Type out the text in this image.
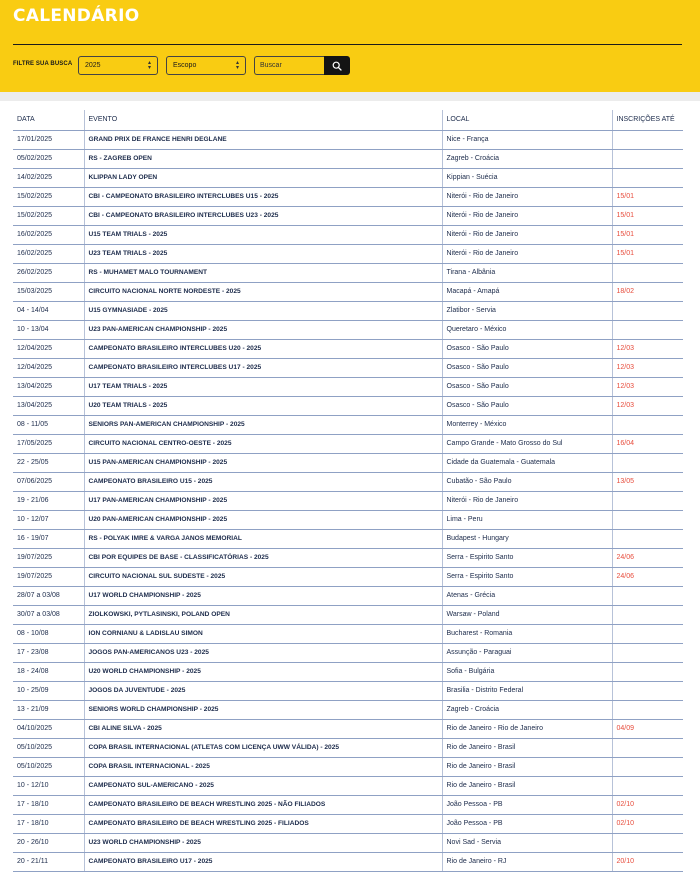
CALENDÁRIO
FILTRE SUA BUSCA	2025	▴
▾	Escopo	▴
▾
Buscar
DATA	EVENTO	LOCAL	INSCRIÇÕES ATÉ
17/01/2025	GRAND PRIX DE FRANCE HENRI DEGLANE	Nice - França	
05/02/2025	RS - ZAGREB OPEN	Zagreb - Croácia	
14/02/2025	KLIPPAN LADY OPEN	Kippian - Suécia	
15/02/2025	CBI - CAMPEONATO BRASILEIRO INTERCLUBES U15 - 2025	Niterói - Rio de Janeiro	15/01
15/02/2025	CBI - CAMPEONATO BRASILEIRO INTERCLUBES U23 - 2025	Niterói - Rio de Janeiro	15/01
16/02/2025	U15 TEAM TRIALS - 2025	Niterói - Rio de Janeiro	15/01
16/02/2025	U23 TEAM TRIALS - 2025	Niterói - Rio de Janeiro	15/01
26/02/2025	RS - MUHAMET MALO TOURNAMENT	Tirana - Albânia	
15/03/2025	CIRCUITO NACIONAL NORTE NORDESTE - 2025	Macapá - Amapá	18/02
04 - 14/04	U15 GYMNASIADE - 2025	Zlatibor - Servia	
10 - 13/04	U23 PAN-AMERICAN CHAMPIONSHIP - 2025	Queretaro - México	
12/04/2025	CAMPEONATO BRASILEIRO INTERCLUBES U20 - 2025	Osasco - São Paulo	12/03
12/04/2025	CAMPEONATO BRASILEIRO INTERCLUBES U17 - 2025	Osasco - São Paulo	12/03
13/04/2025	U17 TEAM TRIALS - 2025	Osasco - São Paulo	12/03
13/04/2025	U20 TEAM TRIALS - 2025	Osasco - São Paulo	12/03
08 - 11/05	SENIORS PAN-AMERICAN CHAMPIONSHIP - 2025	Monterrey - México	
17/05/2025	CIRCUITO NACIONAL CENTRO-OESTE - 2025	Campo Grande - Mato Grosso do Sul	16/04
22 - 25/05	U15 PAN-AMERICAN CHAMPIONSHIP - 2025	Cidade da Guatemala - Guatemala	
07/06/2025	CAMPEONATO BRASILEIRO U15 - 2025	Cubatão - São Paulo	13/05
19 - 21/06	U17 PAN-AMERICAN CHAMPIONSHIP - 2025	Niterói - Rio de Janeiro	
10 - 12/07	U20 PAN-AMERICAN CHAMPIONSHIP - 2025	Lima - Peru	
16 - 19/07	RS - POLYAK IMRE & VARGA JANOS MEMORIAL	Budapest - Hungary	
19/07/2025	CBI POR EQUIPES DE BASE - CLASSIFICATÓRIAS - 2025	Serra - Espirito Santo	24/06
19/07/2025	CIRCUITO NACIONAL SUL SUDESTE - 2025	Serra - Espirito Santo	24/06
28/07 a 03/08	U17 WORLD CHAMPIONSHIP - 2025	Atenas - Grécia	
30/07 a 03/08	ZIOLKOWSKI, PYTLASINSKI, POLAND OPEN	Warsaw - Poland	
08 - 10/08	ION CORNIANU & LADISLAU SIMON	Bucharest - Romania	
17 - 23/08	JOGOS PAN-AMERICANOS U23 - 2025	Assunção - Paraguai	
18 - 24/08	U20 WORLD CHAMPIONSHIP - 2025	Sofia - Bulgária	
10 - 25/09	JOGOS DA JUVENTUDE - 2025	Brasilia - Distrito Federal	
13 - 21/09	SENIORS WORLD CHAMPIONSHIP - 2025	Zagreb - Croácia	
04/10/2025	CBI ALINE SILVA - 2025	Rio de Janeiro - Rio de Janeiro	04/09
05/10/2025	COPA BRASIL INTERNACIONAL (ATLETAS COM LICENÇA UWW VÁLIDA) - 2025	Rio de Janeiro - Brasil	
05/10/2025	COPA BRASIL INTERNACIONAL - 2025	Rio de Janeiro - Brasil	
10 - 12/10	CAMPEONATO SUL-AMERICANO - 2025	Rio de Janeiro - Brasil	
17 - 18/10	CAMPEONATO BRASILEIRO DE BEACH WRESTLING 2025 - NÃO FILIADOS	João Pessoa - PB	02/10
17 - 18/10	CAMPEONATO BRASILEIRO DE BEACH WRESTLING 2025 - FILIADOS	João Pessoa - PB	02/10
20 - 26/10	U23 WORLD CHAMPIONSHIP - 2025	Novi Sad - Servia	
20 - 21/11	CAMPEONATO BRASILEIRO U17 - 2025	Rio de Janeiro - RJ	20/10
